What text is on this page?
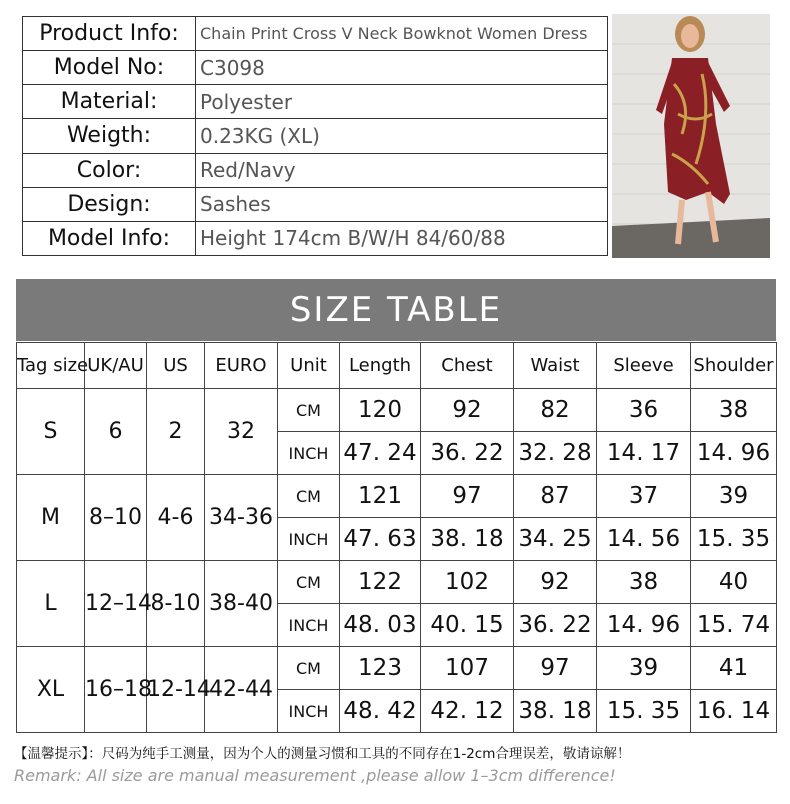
Product Info:	Chain Print Cross V Neck Bowknot Women Dress
Model No:	C3098
Material:	Polyester
Weigth:	0.23KG (XL)
Color:	Red/Navy
Design:	Sashes
Model Info:	Height 174cm B/W/H 84/60/88
SIZE TABLE
Tag size	UK/AU	US	EURO	Unit	Length	Chest	Waist	Sleeve	Shoulder
S	6	2	32	CM	120	92	82	36	38
				INCH	47. 24	36. 22	32. 28	14. 17	14. 96
M	8–10	4-6	34-36	CM	121	97	87	37	39
				INCH	47. 63	38. 18	34. 25	14. 56	15. 35
L	12–14	8-10	38-40	CM	122	102	92	38	40
				INCH	48. 03	40. 15	36. 22	14. 96	15. 74
XL	16–18	12-14	42-44	CM	123	107	97	39	41
				INCH	48. 42	42. 12	38. 18	15. 35	16. 14
【温馨提示】：尺码为纯手工测量，因为个人的测量习惯和工具的不同存在1-2cm合理误差，敬请谅解！
Remark: All size are manual measurement ,please allow 1–3cm difference!
